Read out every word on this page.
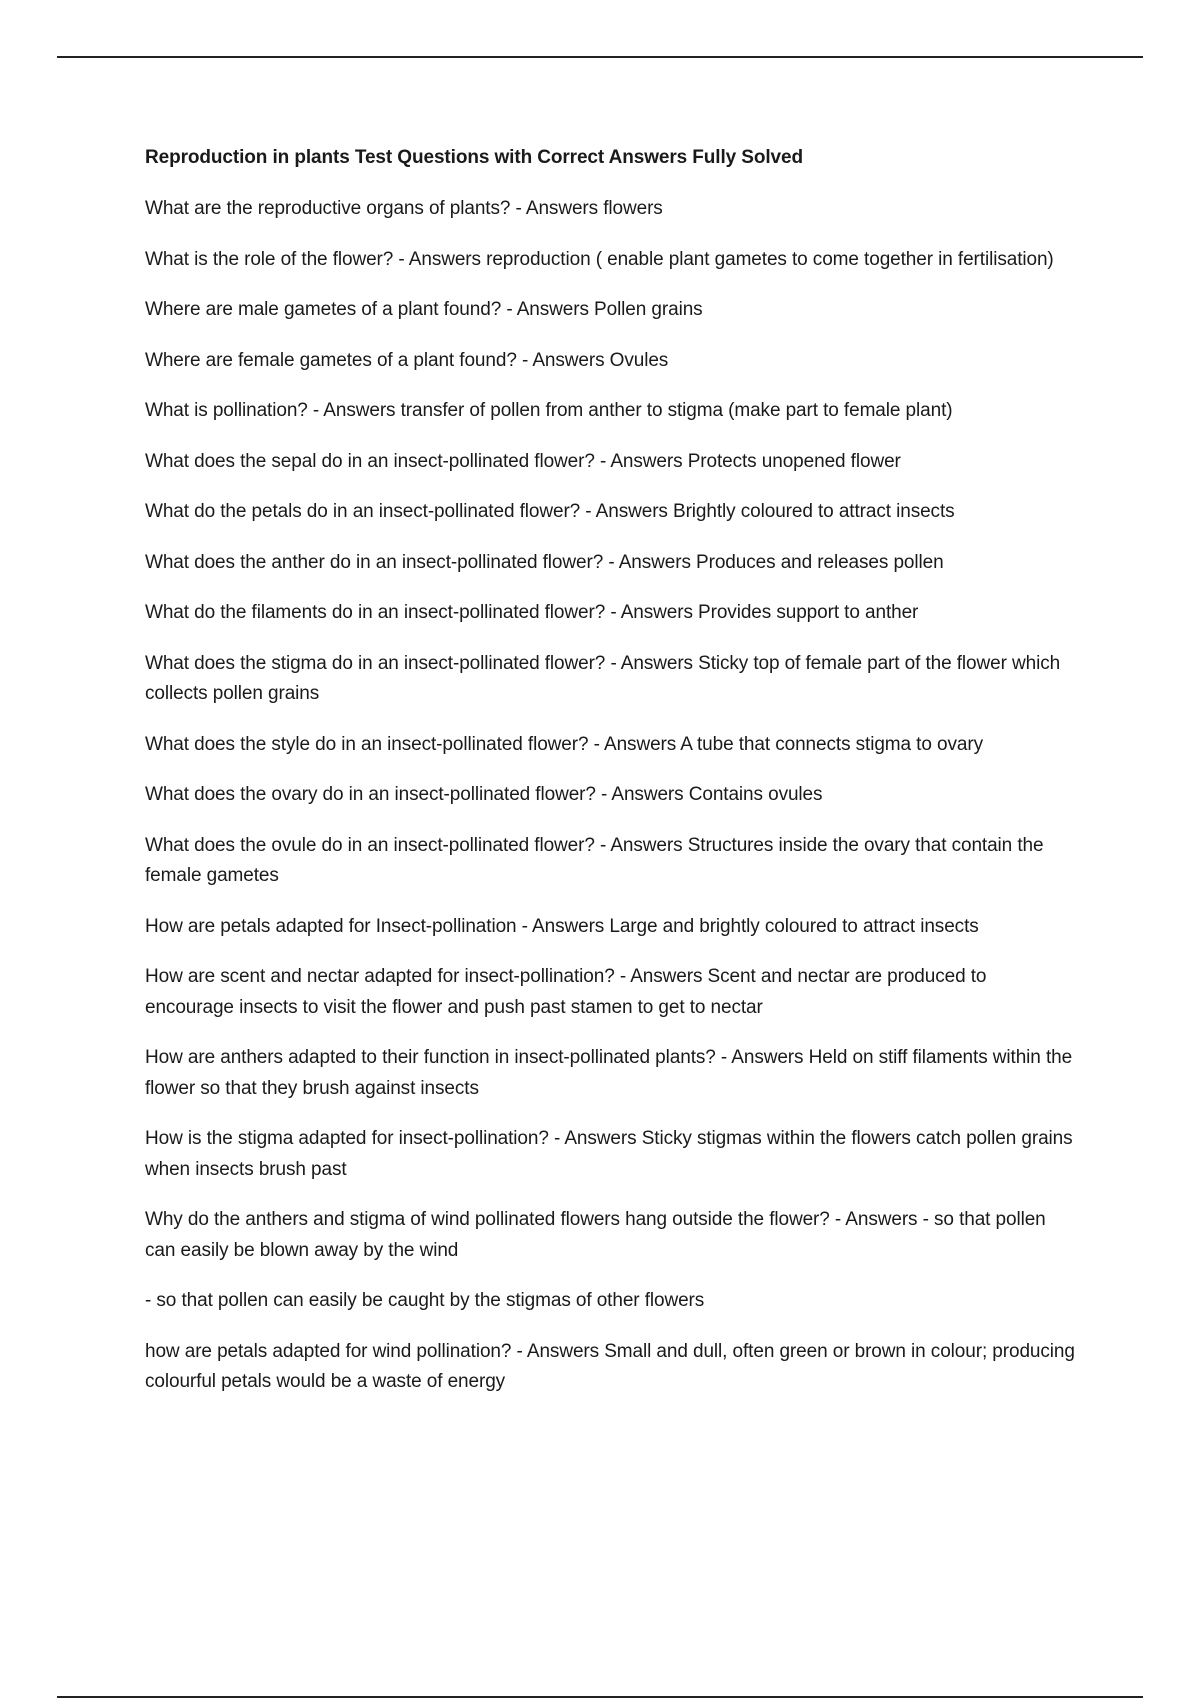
Reproduction in plants Test Questions with Correct Answers Fully Solved
What are the reproductive organs of plants? - Answers flowers
What is the role of the flower? - Answers reproduction ( enable plant gametes to come together in fertilisation)
Where are male gametes of a plant found? - Answers Pollen grains
Where are female gametes of a plant found? - Answers Ovules
What is pollination? - Answers transfer of pollen from anther to stigma (make part to female plant)
What does the sepal do in an insect-pollinated flower? - Answers Protects unopened flower
What do the petals do in an insect-pollinated flower? - Answers Brightly coloured to attract insects
What does the anther do in an insect-pollinated flower? - Answers Produces and releases pollen
What do the filaments do in an insect-pollinated flower? - Answers Provides support to anther
What does the stigma do in an insect-pollinated flower? - Answers Sticky top of female part of the flower which collects pollen grains
What does the style do in an insect-pollinated flower? - Answers A tube that connects stigma to ovary
What does the ovary do in an insect-pollinated flower? - Answers Contains ovules
What does the ovule do in an insect-pollinated flower? - Answers Structures inside the ovary that contain the female gametes
How are petals adapted for Insect-pollination - Answers Large and brightly coloured to attract insects
How are scent and nectar adapted for insect-pollination? - Answers Scent and nectar are produced to encourage insects to visit the flower and push past stamen to get to nectar
How are anthers adapted to their function in insect-pollinated plants? - Answers Held on stiff filaments within the flower so that they brush against insects
How is the stigma adapted for insect-pollination? - Answers Sticky stigmas within the flowers catch pollen grains when insects brush past
Why do the anthers and stigma of wind pollinated flowers hang outside the flower? - Answers - so that pollen can easily be blown away by the wind
- so that pollen can easily be caught by the stigmas of other flowers
how are petals adapted for wind pollination? - Answers Small and dull, often green or brown in colour; producing colourful petals would be a waste of energy
